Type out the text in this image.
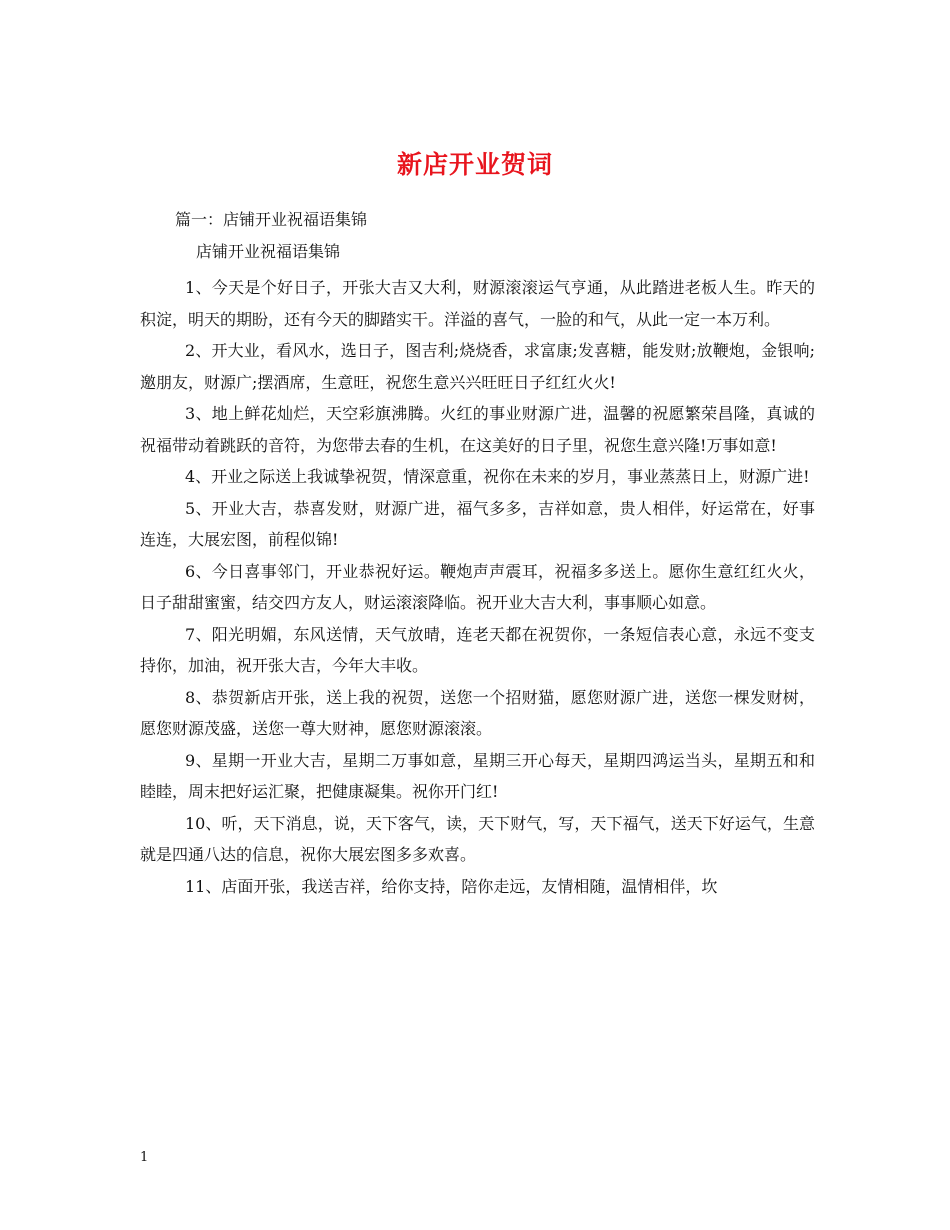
新店开业贺词
篇一：店铺开业祝福语集锦
店铺开业祝福语集锦

1、今天是个好日子，开张大吉又大利，财源滚滚运气亨通，从此踏进老板人生。昨天的积淀，明天的期盼，还有今天的脚踏实干。洋溢的喜气，一脸的和气，从此一定一本万利。

2、开大业，看风水，选日子，图吉利;烧烧香，求富康;发喜糖，能发财;放鞭炮，金银响;邀朋友，财源广;摆酒席，生意旺，祝您生意兴兴旺旺日子红红火火!

3、地上鲜花灿烂，天空彩旗沸腾。火红的事业财源广进，温馨的祝愿繁荣昌隆，真诚的祝福带动着跳跃的音符，为您带去春的生机，在这美好的日子里，祝您生意兴隆!万事如意!

4、开业之际送上我诚挚祝贺，情深意重，祝你在未来的岁月，事业蒸蒸日上，财源广进!

5、开业大吉，恭喜发财，财源广进，福气多多，吉祥如意，贵人相伴，好运常在，好事连连，大展宏图，前程似锦!

6、今日喜事邻门，开业恭祝好运。鞭炮声声震耳，祝福多多送上。愿你生意红红火火，日子甜甜蜜蜜，结交四方友人，财运滚滚降临。祝开业大吉大利，事事顺心如意。

7、阳光明媚，东风送情，天气放晴，连老天都在祝贺你，一条短信表心意，永远不变支持你，加油，祝开张大吉，今年大丰收。

8、恭贺新店开张，送上我的祝贺，送您一个招财猫，愿您财源广进，送您一棵发财树，愿您财源茂盛，送您一尊大财神，愿您财源滚滚。

9、星期一开业大吉，星期二万事如意，星期三开心每天，星期四鸿运当头，星期五和和睦睦，周末把好运汇聚，把健康凝集。祝你开门红!

10、听，天下消息，说，天下客气，读，天下财气，写，天下福气，送天下好运气，生意就是四通八达的信息，祝你大展宏图多多欢喜。

11、店面开张，我送吉祥，给你支持，陪你走远，友情相随，温情相伴，坎

1
